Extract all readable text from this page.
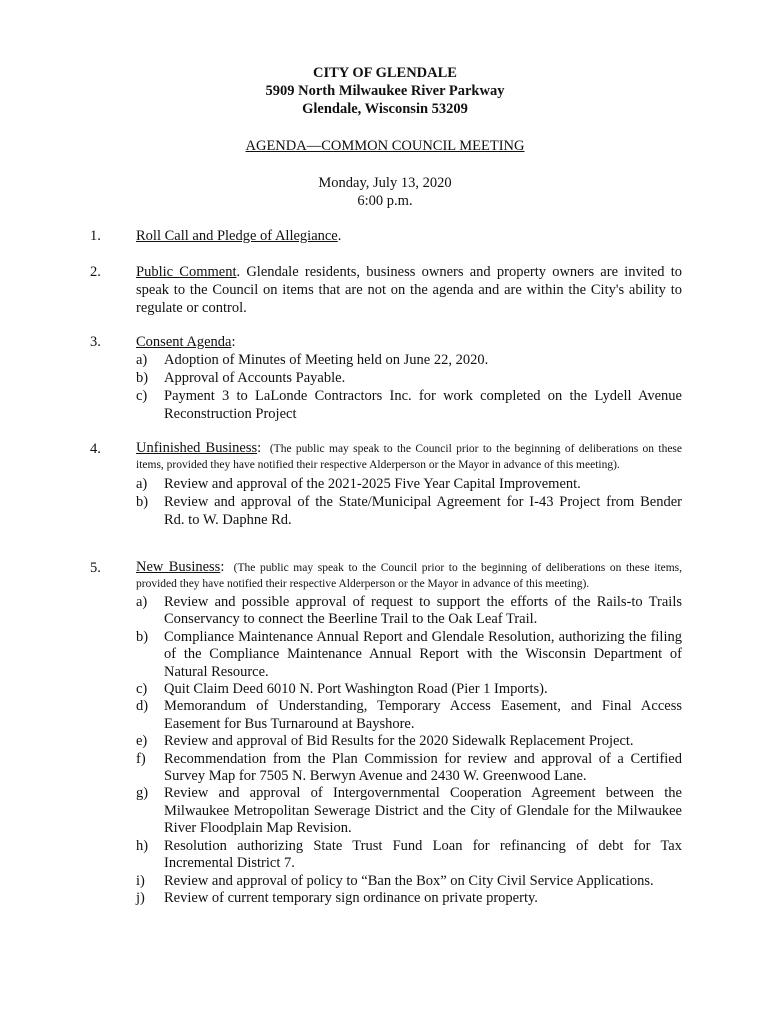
CITY OF GLENDALE
5909 North Milwaukee River Parkway
Glendale, Wisconsin 53209
AGENDA—COMMON COUNCIL MEETING
Monday, July 13, 2020
6:00 p.m.
1.	Roll Call and Pledge of Allegiance.
2.	Public Comment. Glendale residents, business owners and property owners are invited to speak to the Council on items that are not on the agenda and are within the City's ability to regulate or control.
3.	Consent Agenda:
a) Adoption of Minutes of Meeting held on June 22, 2020.
b) Approval of Accounts Payable.
c) Payment 3 to LaLonde Contractors Inc. for work completed on the Lydell Avenue Reconstruction Project
4.	Unfinished Business: (The public may speak to the Council prior to the beginning of deliberations on these items, provided they have notified their respective Alderperson or the Mayor in advance of this meeting).
a) Review and approval of the 2021-2025 Five Year Capital Improvement.
b) Review and approval of the State/Municipal Agreement for I-43 Project from Bender Rd. to W. Daphne Rd.
5.	New Business: (The public may speak to the Council prior to the beginning of deliberations on these items, provided they have notified their respective Alderperson or the Mayor in advance of this meeting).
a) Review and possible approval of request to support the efforts of the Rails-to Trails Conservancy to connect the Beerline Trail to the Oak Leaf Trail.
b) Compliance Maintenance Annual Report and Glendale Resolution, authorizing the filing of the Compliance Maintenance Annual Report with the Wisconsin Department of Natural Resource.
c) Quit Claim Deed 6010 N. Port Washington Road (Pier 1 Imports).
d) Memorandum of Understanding, Temporary Access Easement, and Final Access Easement for Bus Turnaround at Bayshore.
e) Review and approval of Bid Results for the 2020 Sidewalk Replacement Project.
f) Recommendation from the Plan Commission for review and approval of a Certified Survey Map for 7505 N. Berwyn Avenue and 2430 W. Greenwood Lane.
g) Review and approval of Intergovernmental Cooperation Agreement between the Milwaukee Metropolitan Sewerage District and the City of Glendale for the Milwaukee River Floodplain Map Revision.
h) Resolution authorizing State Trust Fund Loan for refinancing of debt for Tax Incremental District 7.
i) Review and approval of policy to “Ban the Box” on City Civil Service Applications.
j) Review of current temporary sign ordinance on private property.
